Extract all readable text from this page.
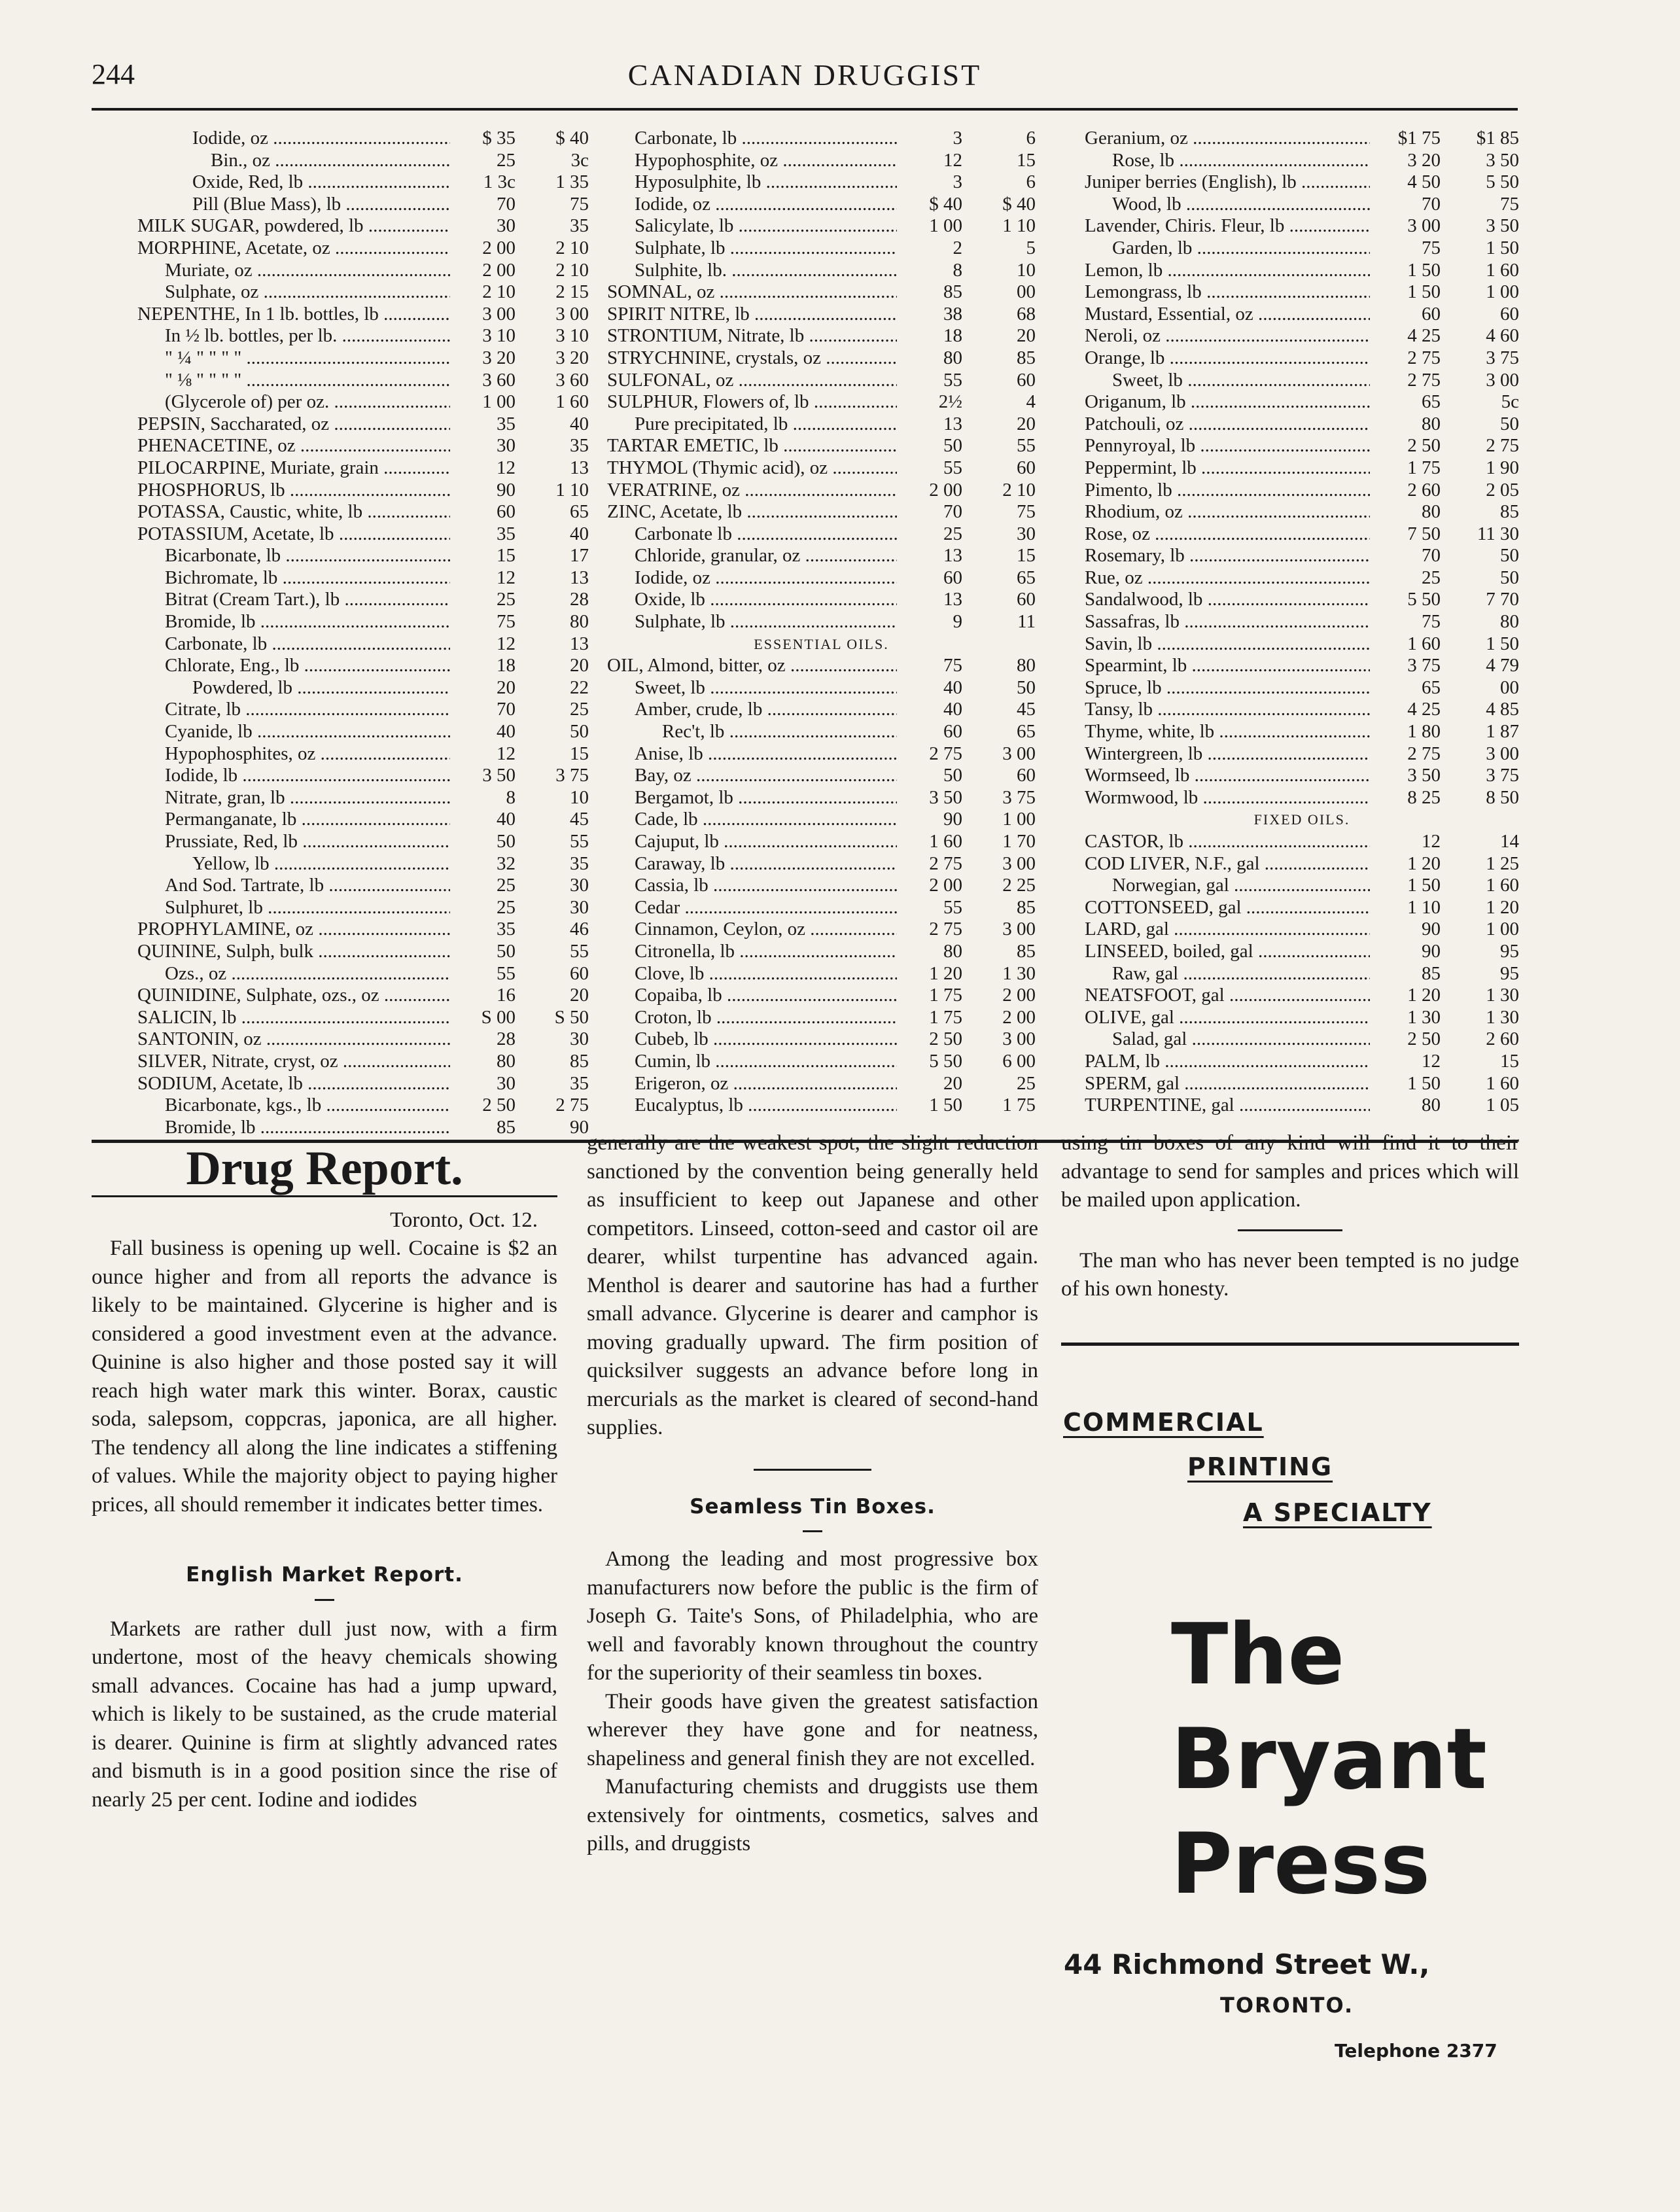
244	CANADIAN DRUGGIST
Iodide, oz .....	$ 35	$ 40
Bin., oz .....	25	3c
Oxide, Red, lb .....	1 3c	1 35
Pill (Blue Mass), lb .....	70	75
MILK SUGAR, powdered, lb .....	30	35
MORPHINE, Acetate, oz .....	2 00	2 10
Muriate, oz .....	2 00	2 10
Sulphate, oz .....	2 10	2 15
NEPENTHE, In 1 lb. bottles, lb .....	3 00	3 00
In ½ lb. bottles, per lb. .....	3 10	3 10
" ¼ " " " " .....	3 20	3 20
" ⅛ " " " " .....	3 60	3 60
(Glycerole of) per oz. .....	1 00	1 60
PEPSIN, Saccharated, oz .....	35	40
PHENACETINE, oz .....	30	35
PILOCARPINE, Muriate, grain .....	12	13
PHOSPHORUS, lb .....	90	1 10
POTASSA, Caustic, white, lb .....	60	65
POTASSIUM, Acetate, lb .....	35	40
Bicarbonate, lb .....	15	17
Bichromate, lb .....	12	13
Bitrat (Cream Tart.), lb .....	25	28
Bromide, lb .....	75	80
Carbonate, lb .....	12	13
Chlorate, Eng., lb .....	18	20
Powdered, lb .....	20	22
Citrate, lb .....	70	25
Cyanide, lb .....	40	50
Hypophosphites, oz .....	12	15
Iodide, lb .....	3 50	3 75
Nitrate, gran, lb .....	8	10
Permanganate, lb .....	40	45
Prussiate, Red, lb .....	50	55
Yellow, lb .....	32	35
And Sod. Tartrate, lb .....	25	30
Sulphuret, lb .....	25	30
PROPHYLAMINE, oz .....	35	46
QUININE, Sulph, bulk .....	50	55
Ozs., oz .....	55	60
QUINIDINE, Sulphate, ozs., oz .....	16	20
SALICIN, lb .....	S 00	S 50
SANTONIN, oz .....	28	30
SILVER, Nitrate, cryst, oz .....	80	85
SODIUM, Acetate, lb .....	30	35
Bicarbonate, kgs., lb .....	2 50	2 75
Bromide, lb .....	85	90
Carbonate, lb .....	3	6
Hypophosphite, oz .....	12	15
Hyposulphite, lb .....	3	6
Iodide, oz .....	$ 40	$ 40
Salicylate, lb .....	1 00	1 10
Sulphate, lb .....	2	5
Sulphite, lb. .....	8	10
SOMNAL, oz .....	85	00
SPIRIT NITRE, lb .....	38	68
STRONTIUM, Nitrate, lb .....	18	20
STRYCHNINE, crystals, oz .....	80	85
SULFONAL, oz .....	55	60
SULPHUR, Flowers of, lb .....	2½	4
Pure precipitated, lb .....	13	20
TARTAR EMETIC, lb .....	50	55
THYMOL (Thymic acid), oz .....	55	60
VERATRINE, oz .....	2 00	2 10
ZINC, Acetate, lb .....	70	75
Carbonate lb .....	25	30
Chloride, granular, oz .....	13	15
Iodide, oz .....	60	65
Oxide, lb .....	13	60
Sulphate, lb .....	9	11
ESSENTIAL OILS.
OIL, Almond, bitter, oz .....	75	80
Sweet, lb .....	40	50
Amber, crude, lb .....	40	45
Rec't, lb .....	60	65
Anise, lb .....	2 75	3 00
Bay, oz .....	50	60
Bergamot, lb .....	3 50	3 75
Cade, lb .....	90	1 00
Cajuput, lb .....	1 60	1 70
Caraway, lb .....	2 75	3 00
Cassia, lb .....	2 00	2 25
Cedar .....	55	85
Cinnamon, Ceylon, oz .....	2 75	3 00
Citronella, lb .....	80	85
Clove, lb .....	1 20	1 30
Copaiba, lb .....	1 75	2 00
Croton, lb .....	1 75	2 00
Cubeb, lb .....	2 50	3 00
Cumin, lb .....	5 50	6 00
Erigeron, oz .....	20	25
Eucalyptus, lb .....	1 50	1 75
Geranium, oz .....	$1 75	$1 85
Rose, lb .....	3 20	3 50
Juniper berries (English), lb .....	4 50	5 50
Wood, lb .....	70	75
Lavender, Chiris. Fleur, lb .....	3 00	3 50
Garden, lb .....	75	1 50
Lemon, lb .....	1 50	1 60
Lemongrass, lb .....	1 50	1 00
Mustard, Essential, oz .....	60	60
Neroli, oz .....	4 25	4 60
Orange, lb .....	2 75	3 75
Sweet, lb .....	2 75	3 00
Origanum, lb .....	65	5c
Patchouli, oz .....	80	50
Pennyroyal, lb .....	2 50	2 75
Peppermint, lb .....	1 75	1 90
Pimento, lb .....	2 60	2 05
Rhodium, oz .....	80	85
Rose, oz .....	7 50	11 30
Rosemary, lb .....	70	50
Rue, oz .....	25	50
Sandalwood, lb .....	5 50	7 70
Sassafras, lb .....	75	80
Savin, lb .....	1 60	1 50
Spearmint, lb .....	3 75	4 79
Spruce, lb .....	65	00
Tansy, lb .....	4 25	4 85
Thyme, white, lb .....	1 80	1 87
Wintergreen, lb .....	2 75	3 00
Wormseed, lb .....	3 50	3 75
Wormwood, lb .....	8 25	8 50
FIXED OILS.
CASTOR, lb .....	12	14
COD LIVER, N.F., gal .....	1 20	1 25
Norwegian, gal .....	1 50	1 60
COTTONSEED, gal .....	1 10	1 20
LARD, gal .....	90	1 00
LINSEED, boiled, gal .....	90	95
Raw, gal .....	85	95
NEATSFOOT, gal .....	1 20	1 30
OLIVE, gal .....	1 30	1 30
Salad, gal .....	2 50	2 60
PALM, lb .....	12	15
SPERM, gal .....	1 50	1 60
TURPENTINE, gal .....	80	1 05
Drug Report.
Toronto, Oct. 12.

Fall business is opening up well. Cocaine is $2 an ounce higher and from all reports the advance is likely to be maintained. Glycerine is higher and is considered a good investment even at the advance. Quinine is also higher and those posted say it will reach high water mark this winter. Borax, caustic soda, salepsom, coppcras, japonica, are all higher. The tendency all along the line indicates a stiffening of values. While the majority object to paying higher prices, all should remember it indicates better times.

English Market Report.

Markets are rather dull just now, with a firm undertone, most of the heavy chemicals showing small advances. Cocaine has had a jump upward, which is likely to be sustained, as the crude material is dearer. Quinine is firm at slightly advanced rates and bismuth is in a good position since the rise of nearly 25 per cent. Iodine and iodides

generally are the weakest spot, the slight reduction sanctioned by the convention being generally held as insufficient to keep out Japanese and other competitors. Linseed, cotton-seed and castor oil are dearer, whilst turpentine has advanced again. Menthol is dearer and sautorine has had a further small advance. Glycerine is dearer and camphor is moving gradually upward. The firm position of quicksilver suggests an advance before long in mercurials as the market is cleared of second-hand supplies.

Seamless Tin Boxes.

Among the leading and most progressive box manufacturers now before the public is the firm of Joseph G. Taite's Sons, of Philadelphia, who are well and favorably known throughout the country for the superiority of their seamless tin boxes.

Their goods have given the greatest satisfaction wherever they have gone and for neatness, shapeliness and general finish they are not excelled.

Manufacturing chemists and druggists use them extensively for ointments, cosmetics, salves and pills, and druggists

using tin boxes of any kind will find it to their advantage to send for samples and prices which will be mailed upon application.

The man who has never been tempted is no judge of his own honesty.

COMMERCIAL
PRINTING
A SPECIALTY
The
Bryant
Press
44 Richmond Street W.,
TORONTO.
Telephone 2377
